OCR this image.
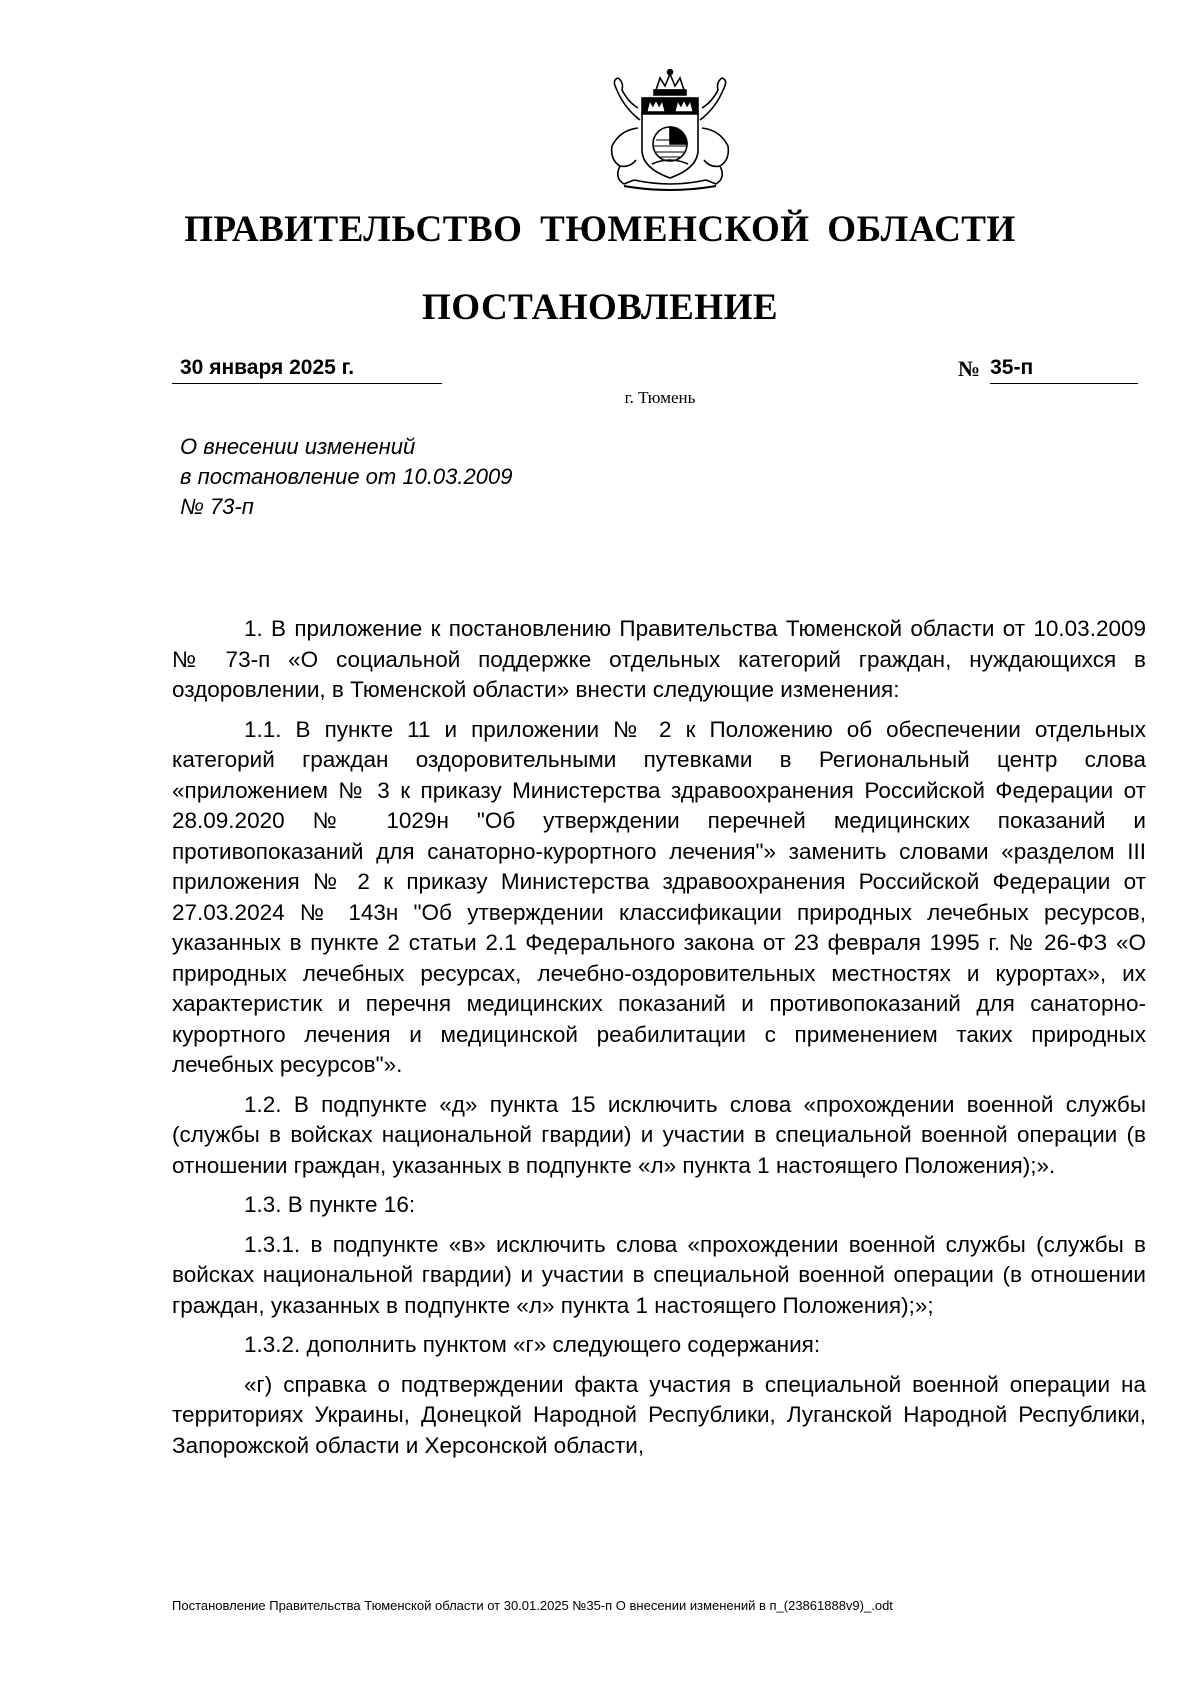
ПРАВИТЕЛЬСТВО ТЮМЕНСКОЙ ОБЛАСТИ
ПОСТАНОВЛЕНИЕ
30 января 2025 г.	№ 35-п
г. Тюмень
О внесении изменений
в постановление от 10.03.2009
№ 73-п

1. В приложение к постановлению Правительства Тюменской области от 10.03.2009 № 73-п «О социальной поддержке отдельных категорий граждан, нуждающихся в оздоровлении, в Тюменской области» внести следующие изменения:

1.1. В пункте 11 и приложении № 2 к Положению об обеспечении отдельных категорий граждан оздоровительными путевками в Региональный центр слова «приложением № 3 к приказу Министерства здравоохранения Российской Федерации от 28.09.2020 № 1029н "Об утверждении перечней медицинских показаний и противопоказаний для санаторно-курортного лечения"» заменить словами «разделом III приложения № 2 к приказу Министерства здравоохранения Российской Федерации от 27.03.2024 № 143н "Об утверждении классификации природных лечебных ресурсов, указанных в пункте 2 статьи 2.1 Федерального закона от 23 февраля 1995 г. № 26-ФЗ «О природных лечебных ресурсах, лечебно-оздоровительных местностях и курортах», их характеристик и перечня медицинских показаний и противопоказаний для санаторно-курортного лечения и медицинской реабилитации с применением таких природных лечебных ресурсов"».

1.2. В подпункте «д» пункта 15 исключить слова «прохождении военной службы (службы в войсках национальной гвардии) и участии в специальной военной операции (в отношении граждан, указанных в подпункте «л» пункта 1 настоящего Положения);».

1.3. В пункте 16:

1.3.1. в подпункте «в» исключить слова «прохождении военной службы (службы в войсках национальной гвардии) и участии в специальной военной операции (в отношении граждан, указанных в подпункте «л» пункта 1 настоящего Положения);»;

1.3.2. дополнить пунктом «г» следующего содержания:

«г) справка о подтверждении факта участия в специальной военной операции на территориях Украины, Донецкой Народной Республики, Луганской Народной Республики, Запорожской области и Херсонской области,

Постановление Правительства Тюменской области от 30.01.2025 №35-п О внесении изменений в п_(23861888v9)_.odt
